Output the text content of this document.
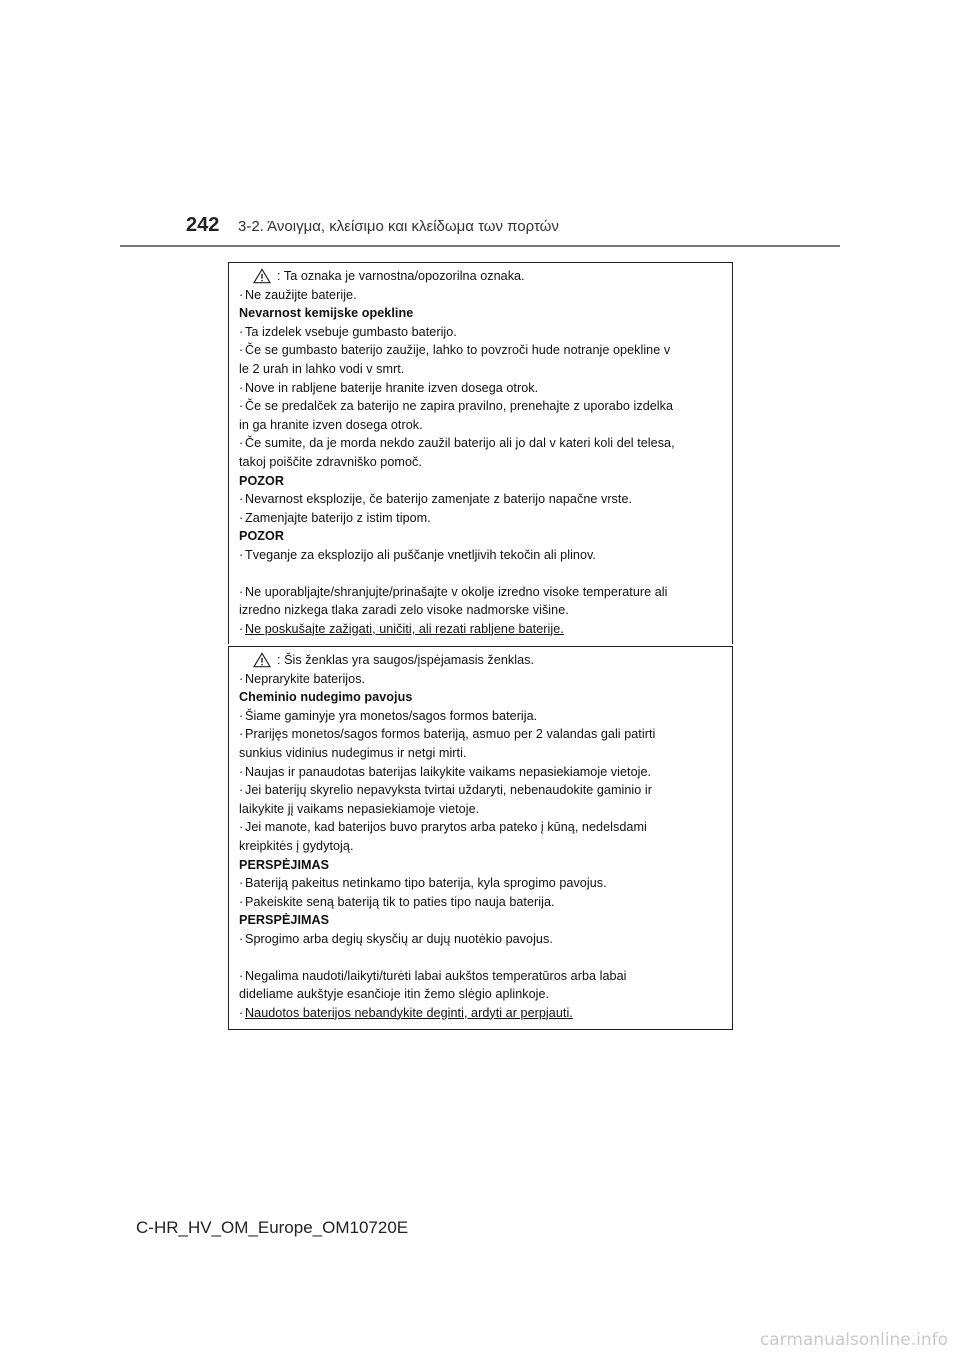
242	3-2. Άνοιγμα, κλείσιμο και κλείδωμα των πορτών
: Ta oznaka je varnostna/opozorilna oznaka.
· Ne zaužijte baterije.
Nevarnost kemijske opekline
· Ta izdelek vsebuje gumbasto baterijo.
· Če se gumbasto baterijo zaužije, lahko to povzroči hude notranje opekline v
le 2 urah in lahko vodi v smrt.
· Nove in rabljene baterije hranite izven dosega otrok.
· Če se predalček za baterijo ne zapira pravilno, prenehajte z uporabo izdelka
in ga hranite izven dosega otrok.
· Če sumite, da je morda nekdo zaužil baterijo ali jo dal v kateri koli del telesa,
takoj poiščite zdravniško pomoč.
POZOR
· Nevarnost eksplozije, če baterijo zamenjate z baterijo napačne vrste.
· Zamenjajte baterijo z istim tipom.
POZOR
· Tveganje za eksplozijo ali puščanje vnetljivih tekočin ali plinov.
· Ne uporabljajte/shranjujte/prinašajte v okolje izredno visoke temperature ali
izredno nizkega tlaka zaradi zelo visoke nadmorske višine.
· Ne poskušajte zažigati, uničiti, ali rezati rabljene baterije.
: Šis ženklas yra saugos/įspėjamasis ženklas.
· Neprarykite baterijos.
Cheminio nudegimo pavojus
· Šiame gaminyje yra monetos/sagos formos baterija.
· Prarijęs monetos/sagos formos bateriją, asmuo per 2 valandas gali patirti
sunkius vidinius nudegimus ir netgi mirti.
· Naujas ir panaudotas baterijas laikykite vaikams nepasiekiamoje vietoje.
· Jei baterijų skyrelio nepavyksta tvirtai uždaryti, nebenaudokite gaminio ir
laikykite jį vaikams nepasiekiamoje vietoje.
· Jei manote, kad baterijos buvo prarytos arba pateko į kūną, nedelsdami
kreipkitės į gydytoją.
PERSPĖJIMAS
· Bateriją pakeitus netinkamo tipo baterija, kyla sprogimo pavojus.
· Pakeiskite seną bateriją tik to paties tipo nauja baterija.
PERSPĖJIMAS
· Sprogimo arba degių skysčių ar dujų nuotėkio pavojus.
· Negalima naudoti/laikyti/turėti labai aukštos temperatūros arba labai
dideliame aukštyje esančioje itin žemo slėgio aplinkoje.
· Naudotos baterijos nebandykite deginti, ardyti ar perpjauti.
C-HR_HV_OM_Europe_OM10720E
carmanualsonline.info
